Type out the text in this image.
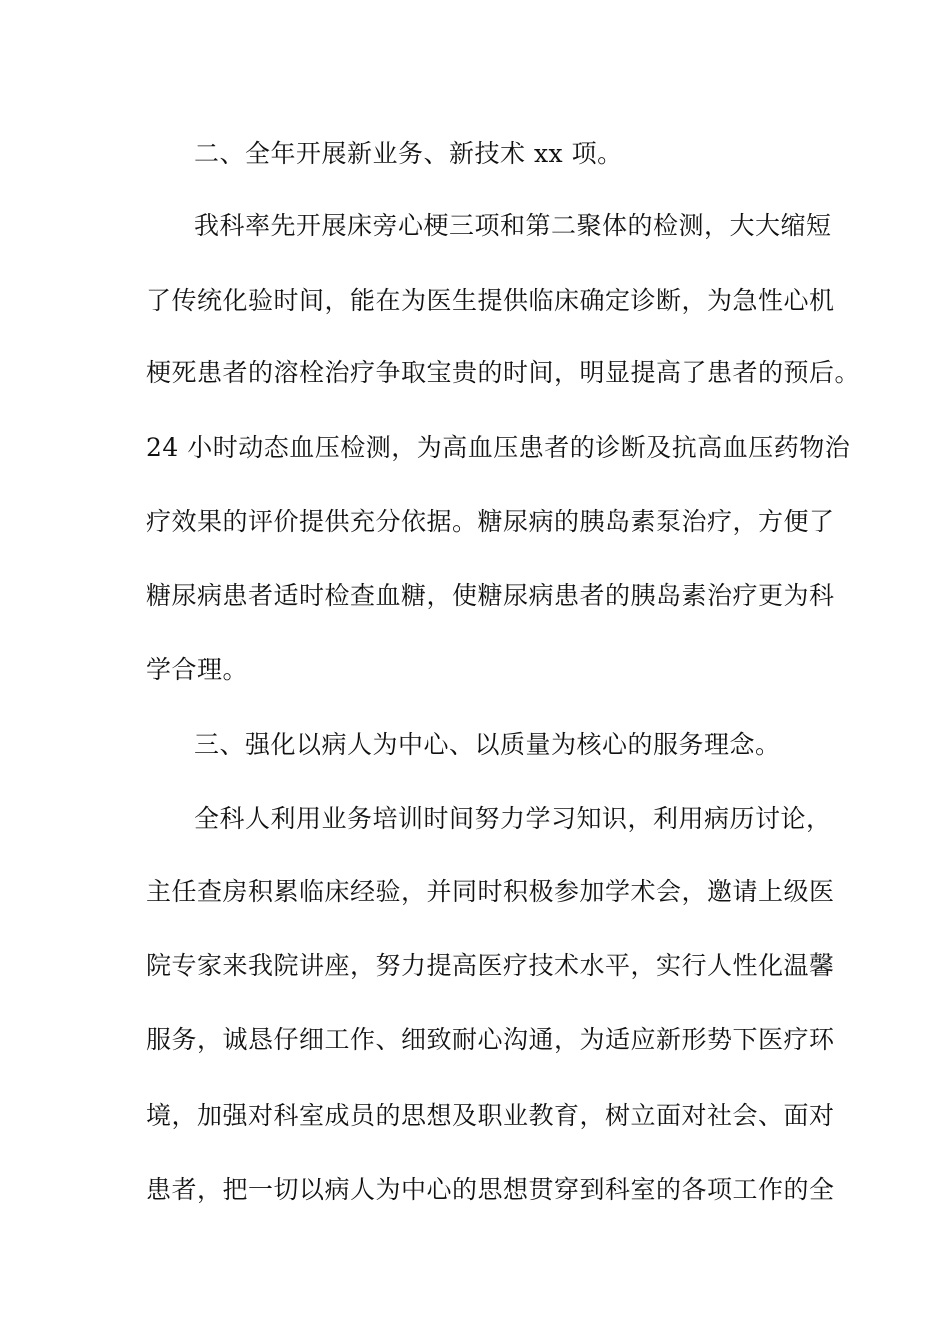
二、全年开展新业务、新技术 xx 项。
我科率先开展床旁心梗三项和第二聚体的检测，大大缩短
了传统化验时间，能在为医生提供临床确定诊断，为急性心机
梗死患者的溶栓治疗争取宝贵的时间，明显提高了患者的预后。
24 小时动态血压检测，为高血压患者的诊断及抗高血压药物治
疗效果的评价提供充分依据。糖尿病的胰岛素泵治疗，方便了
糖尿病患者适时检查血糖，使糖尿病患者的胰岛素治疗更为科
学合理。
三、强化以病人为中心、以质量为核心的服务理念。
全科人利用业务培训时间努力学习知识，利用病历讨论，
主任查房积累临床经验，并同时积极参加学术会，邀请上级医
院专家来我院讲座，努力提高医疗技术水平，实行人性化温馨
服务，诚恳仔细工作、细致耐心沟通，为适应新形势下医疗环
境，加强对科室成员的思想及职业教育，树立面对社会、面对
患者，把一切以病人为中心的思想贯穿到科室的各项工作的全
